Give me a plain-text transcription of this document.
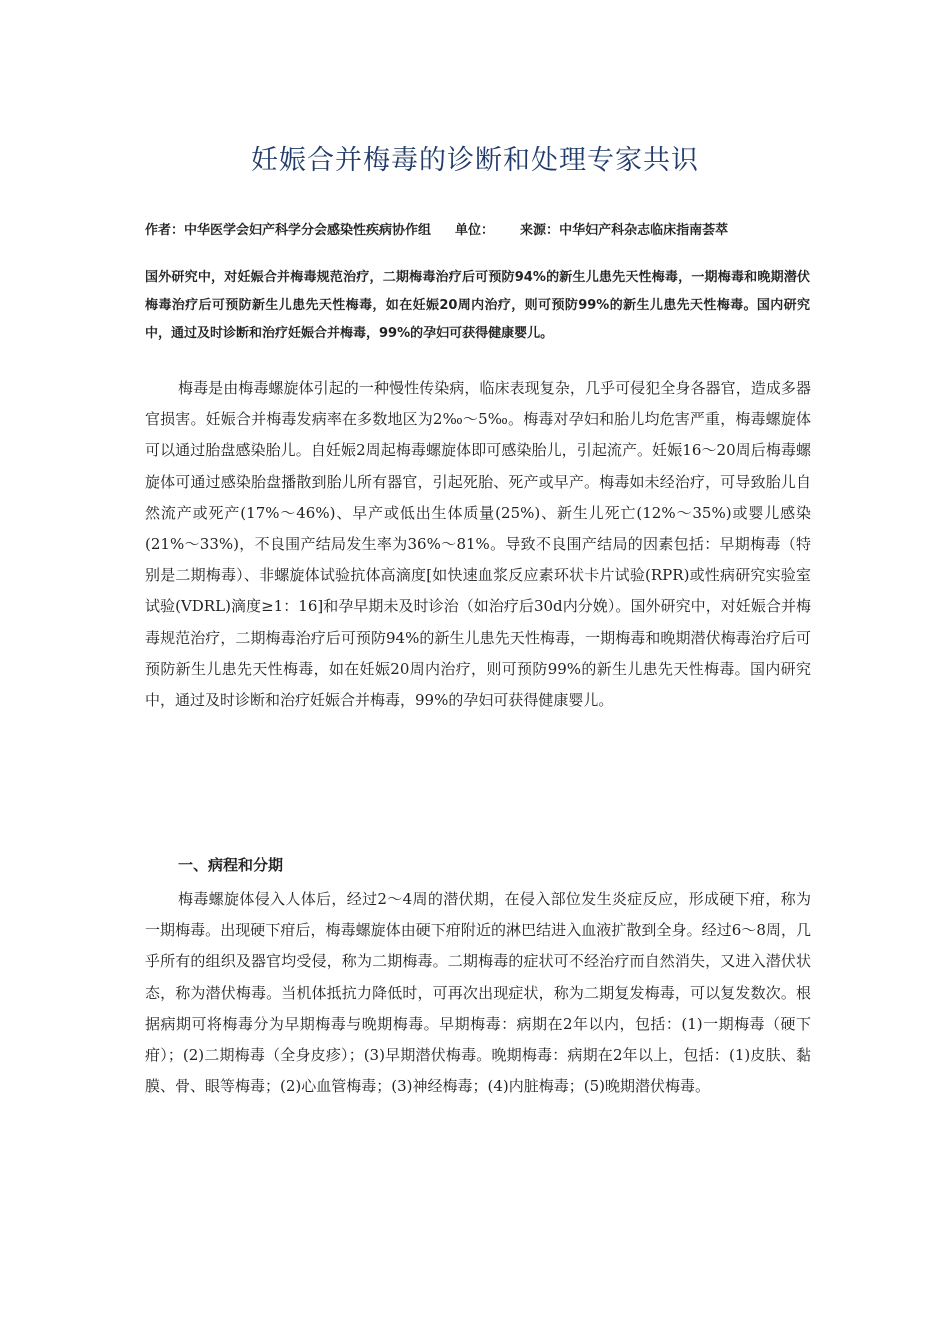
妊娠合并梅毒的诊断和处理专家共识
作者：中华医学会妇产科学分会感染性疾病协作组 单位： 来源：中华妇产科杂志临床指南荟萃
国外研究中，对妊娠合并梅毒规范治疗，二期梅毒治疗后可预防94%的新生儿患先天性梅毒，一期梅毒和晚期潜伏梅毒治疗后可预防新生儿患先天性梅毒，如在妊娠20周内治疗，则可预防99%的新生儿患先天性梅毒。国内研究中，通过及时诊断和治疗妊娠合并梅毒，99%的孕妇可获得健康婴儿。
梅毒是由梅毒螺旋体引起的一种慢性传染病，临床表现复杂，几乎可侵犯全身各器官，造成多器官损害。妊娠合并梅毒发病率在多数地区为2‰～5‰。梅毒对孕妇和胎儿均危害严重，梅毒螺旋体可以通过胎盘感染胎儿。自妊娠2周起梅毒螺旋体即可感染胎儿，引起流产。妊娠16～20周后梅毒螺旋体可通过感染胎盘播散到胎儿所有器官，引起死胎、死产或早产。梅毒如未经治疗，可导致胎儿自然流产或死产(17%～46%)、早产或低出生体质量(25%)、新生儿死亡(12%～35%)或婴儿感染(21%～33%)，不良围产结局发生率为36%～81%。导致不良围产结局的因素包括：早期梅毒（特别是二期梅毒）、非螺旋体试验抗体高滴度[如快速血浆反应素环状卡片试验(RPR)或性病研究实验室试验(VDRL)滴度≥1：16]和孕早期未及时诊治（如治疗后30d内分娩）。国外研究中，对妊娠合并梅毒规范治疗，二期梅毒治疗后可预防94%的新生儿患先天性梅毒，一期梅毒和晚期潜伏梅毒治疗后可预防新生儿患先天性梅毒，如在妊娠20周内治疗，则可预防99%的新生儿患先天性梅毒。国内研究中，通过及时诊断和治疗妊娠合并梅毒，99%的孕妇可获得健康婴儿。
一、病程和分期
梅毒螺旋体侵入人体后，经过2～4周的潜伏期，在侵入部位发生炎症反应，形成硬下疳，称为一期梅毒。出现硬下疳后，梅毒螺旋体由硬下疳附近的淋巴结进入血液扩散到全身。经过6～8周，几乎所有的组织及器官均受侵，称为二期梅毒。二期梅毒的症状可不经治疗而自然消失，又进入潜伏状态，称为潜伏梅毒。当机体抵抗力降低时，可再次出现症状，称为二期复发梅毒，可以复发数次。根据病期可将梅毒分为早期梅毒与晚期梅毒。早期梅毒：病期在2年以内，包括：(1)一期梅毒（硬下疳）；(2)二期梅毒（全身皮疹）；(3)早期潜伏梅毒。晚期梅毒：病期在2年以上，包括：(1)皮肤、黏膜、骨、眼等梅毒；(2)心血管梅毒；(3)神经梅毒；(4)内脏梅毒；(5)晚期潜伏梅毒。
